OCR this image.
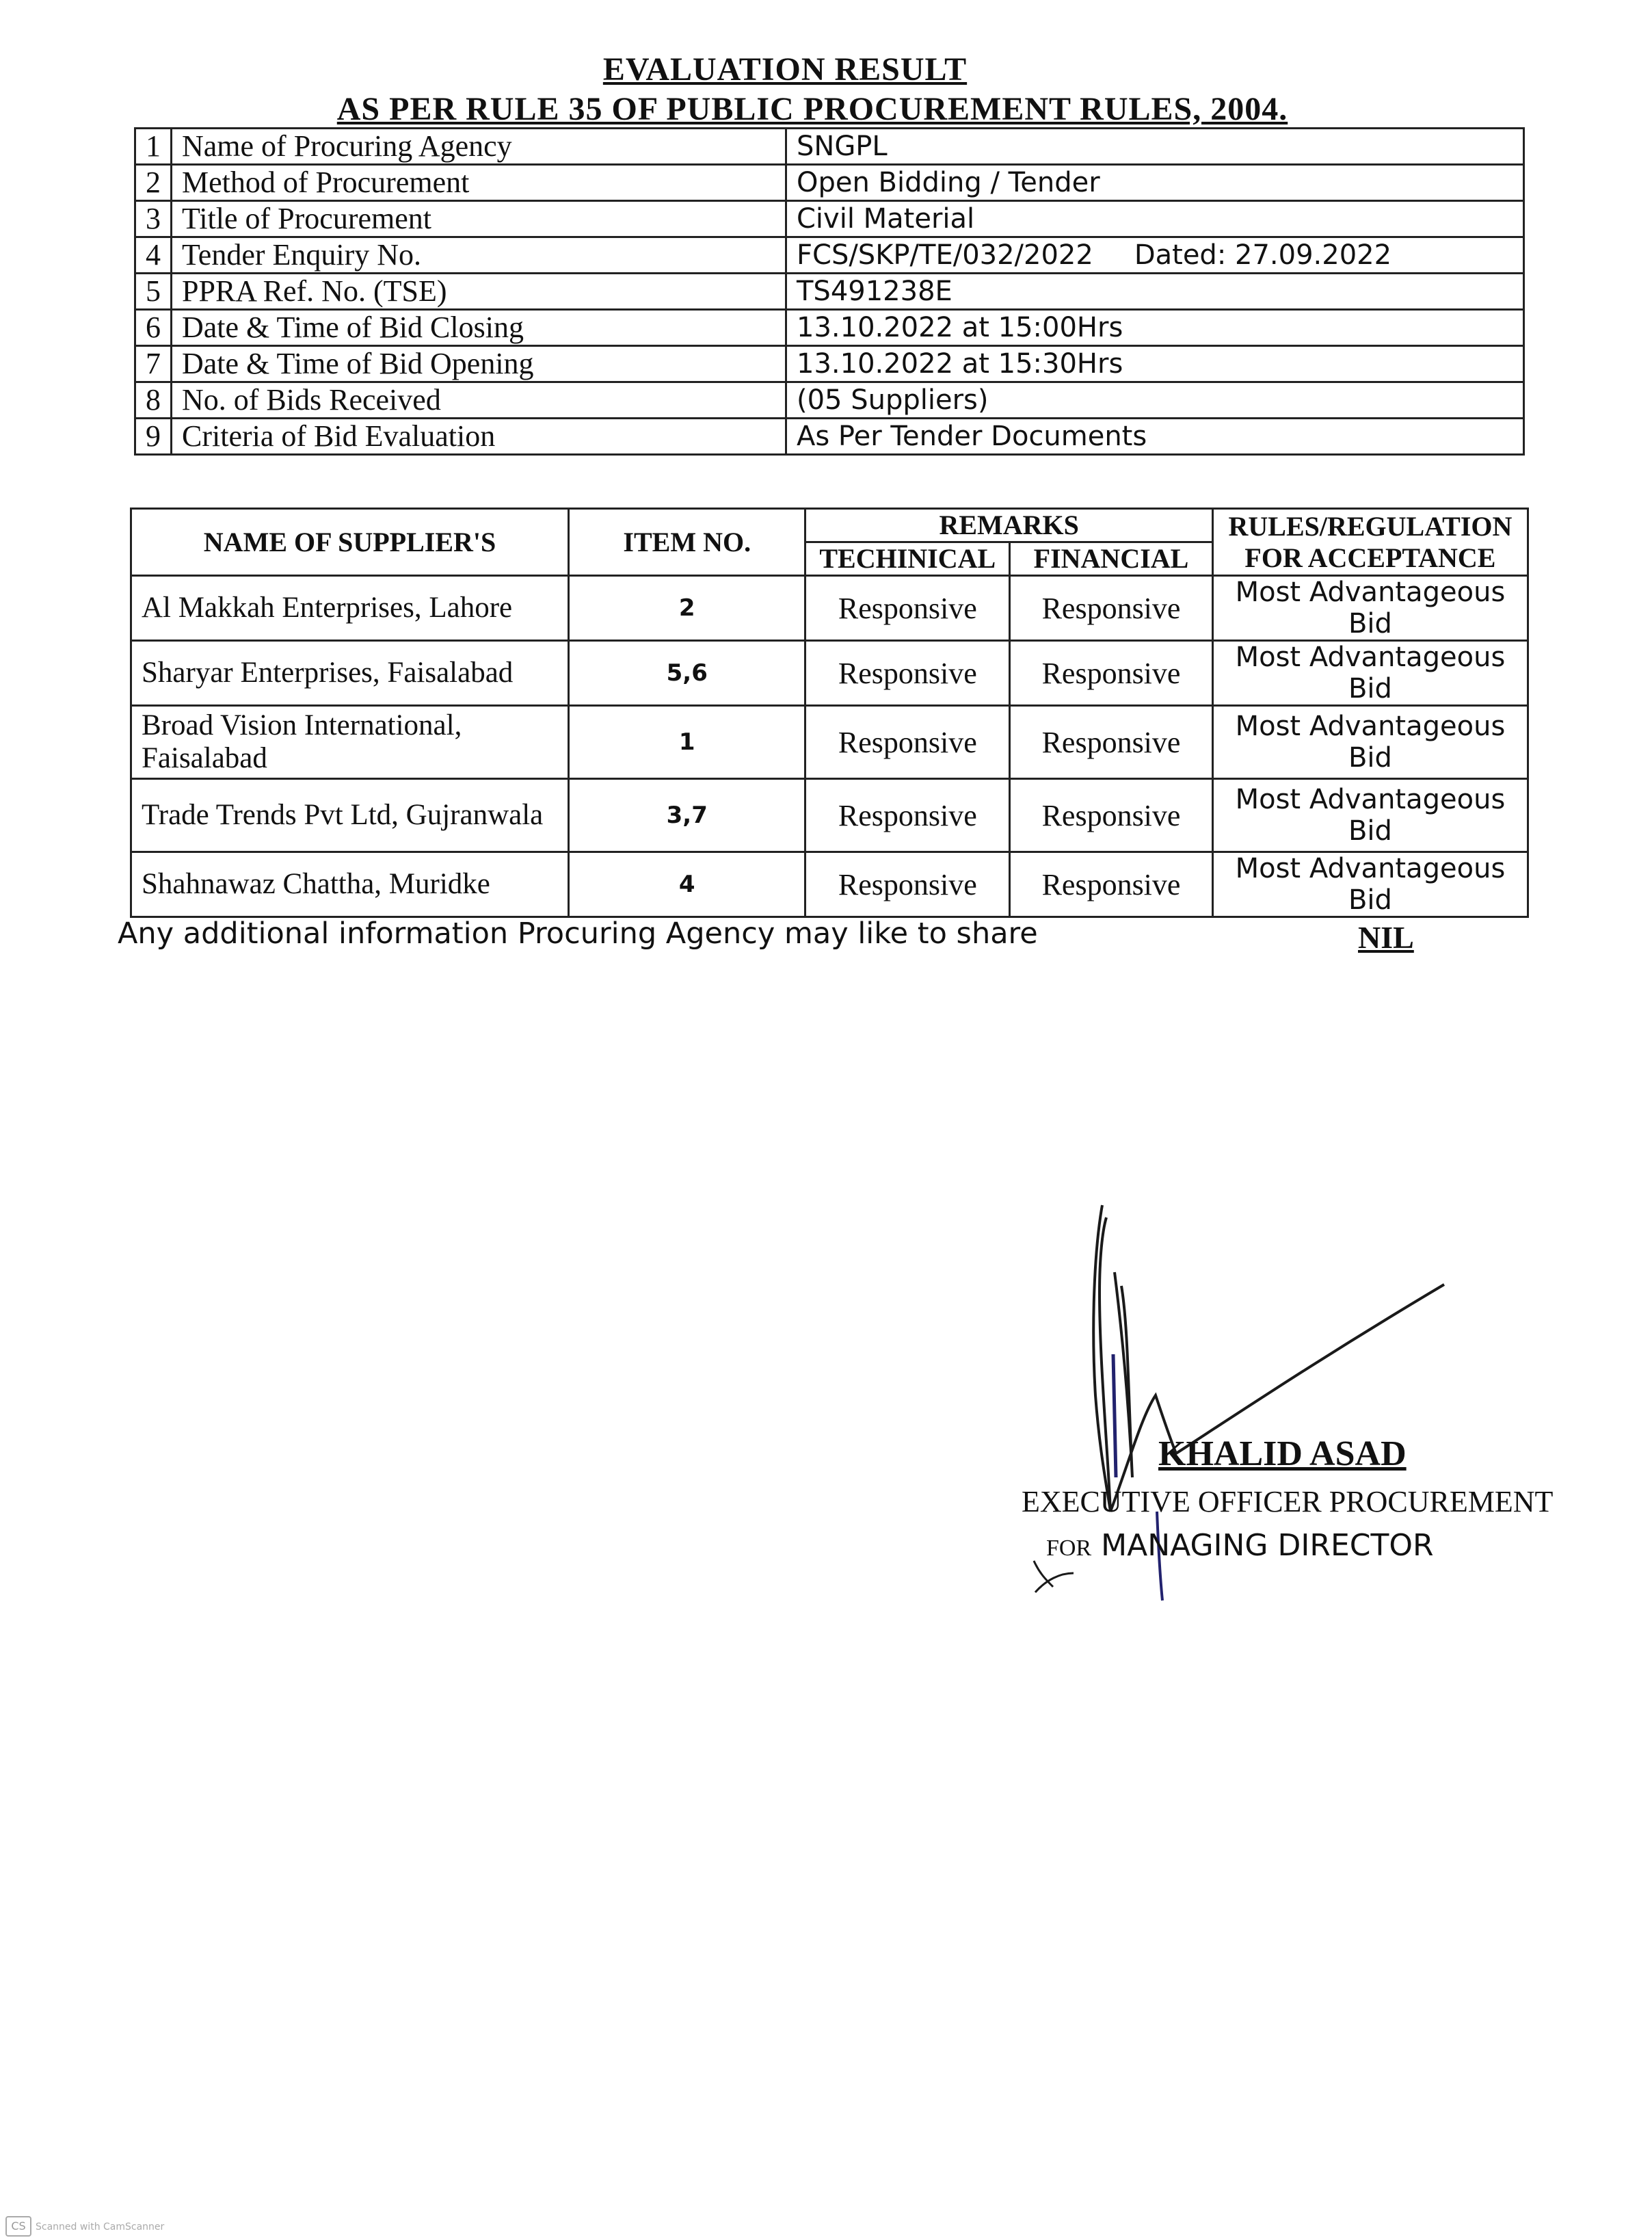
EVALUATION RESULT
AS PER RULE 35 OF PUBLIC PROCUREMENT RULES, 2004.
1	Name of Procuring Agency	SNGPL
2	Method of Procurement	Open Bidding / Tender
3	Title of Procurement	Civil Material
4	Tender Enquiry No.	FCS/SKP/TE/032/2022 Dated: 27.09.2022
5	PPRA Ref. No. (TSE)	TS491238E
6	Date & Time of Bid Closing	13.10.2022 at 15:00Hrs
7	Date & Time of Bid Opening	13.10.2022 at 15:30Hrs
8	No. of Bids Received	(05 Suppliers)
9	Criteria of Bid Evaluation	As Per Tender Documents
NAME OF SUPPLIER'S	ITEM NO.	REMARKS		RULES/REGULATION FOR ACCEPTANCE
		TECHINICAL	FINANCIAL	
Al Makkah Enterprises, Lahore	2	Responsive	Responsive	Most Advantageous Bid
Sharyar Enterprises, Faisalabad	5,6	Responsive	Responsive	Most Advantageous Bid
Broad Vision International, Faisalabad	1	Responsive	Responsive	Most Advantageous Bid
Trade Trends Pvt Ltd, Gujranwala	3,7	Responsive	Responsive	Most Advantageous Bid
Shahnawaz Chattha, Muridke	4	Responsive	Responsive	Most Advantageous Bid
Any additional information Procuring Agency may like to share	NIL
KHALID ASAD
EXECUTIVE OFFICER PROCUREMENT
FOR MANAGING DIRECTOR
CS	Scanned with CamScanner
